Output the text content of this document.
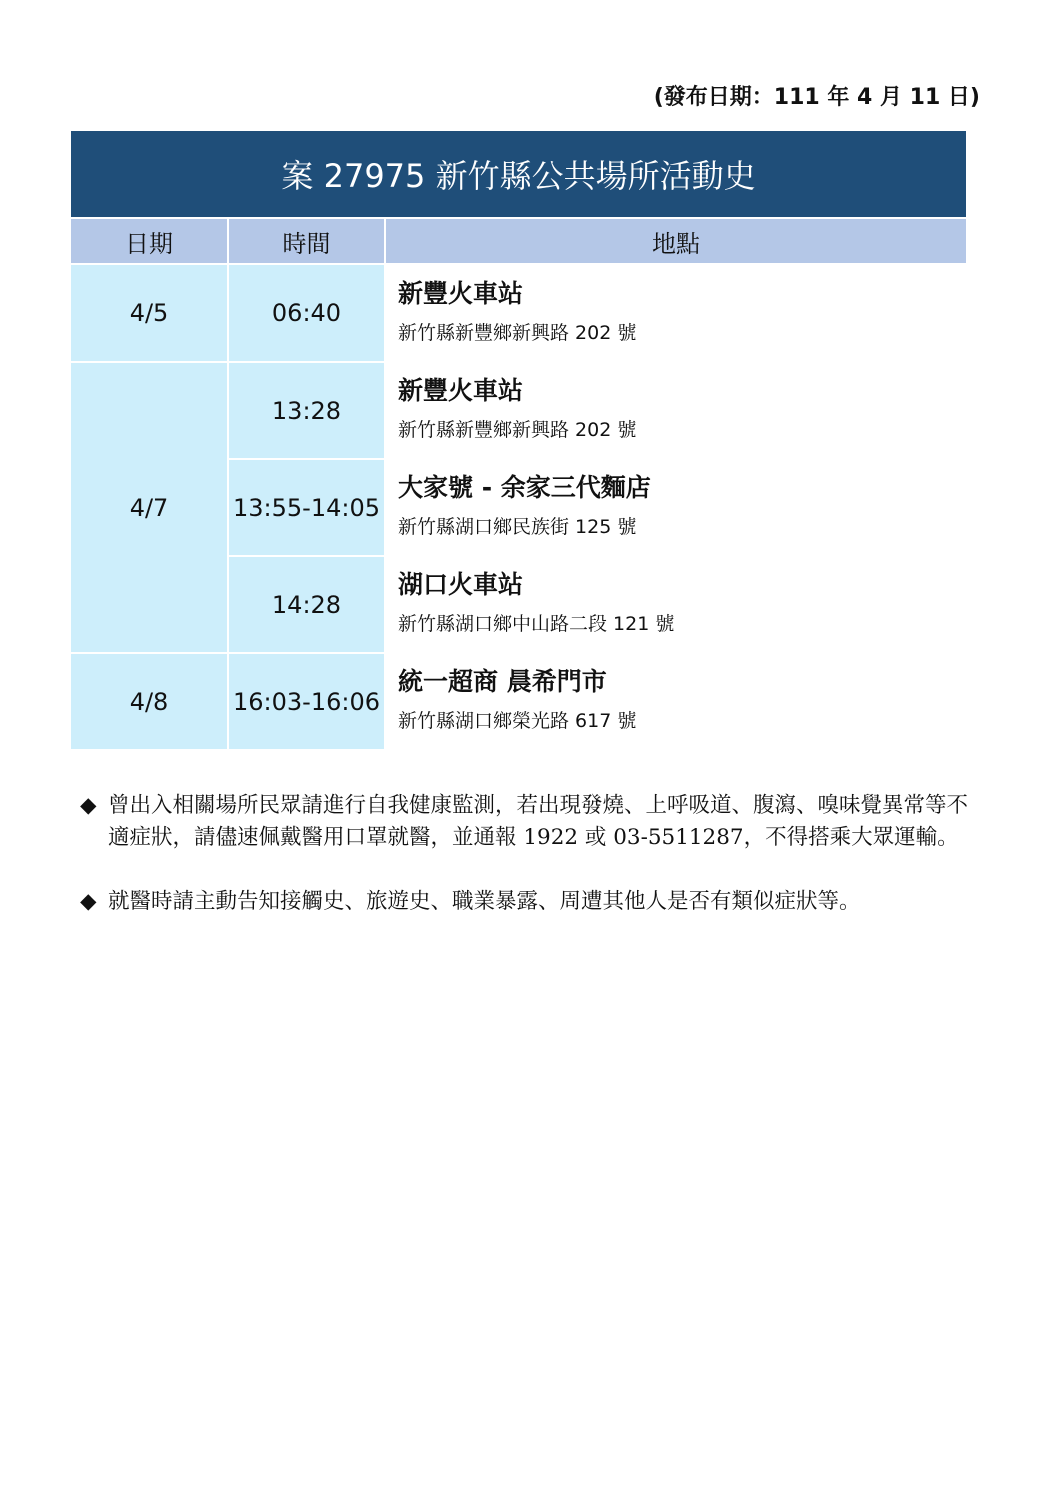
(發布日期：111 年 4 月 11 日)
案 27975 新竹縣公共場所活動史		
日期	時間	地點
4/5	06:40	新豐火車站
新竹縣新豐鄉新興路 202 號

4/7	13:28	新豐火車站
新竹縣新豐鄉新興路 202 號

	13:55-14:05	大家號 - 余家三代麵店
新竹縣湖口鄉民族街 125 號

	14:28	湖口火車站
新竹縣湖口鄉中山路二段 121 號

4/8	16:03-16:06	統一超商 晨希門市
新竹縣湖口鄉榮光路 617 號
◆ 曾出入相關場所民眾請進行自我健康監測，若出現發燒、上呼吸道、腹瀉、嗅味覺異常等不適症狀，請儘速佩戴醫用口罩就醫，並通報 1922 或 03-5511287，不得搭乘大眾運輸。
◆ 就醫時請主動告知接觸史、旅遊史、職業暴露、周遭其他人是否有類似症狀等。
